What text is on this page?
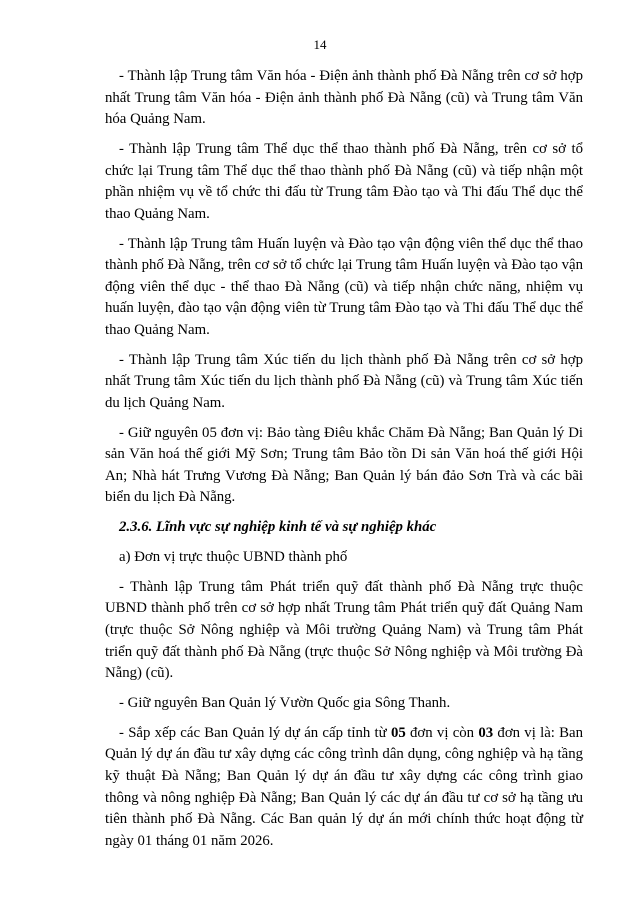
14

- Thành lập Trung tâm Văn hóa - Điện ảnh thành phố Đà Nẵng trên cơ sở hợp nhất Trung tâm Văn hóa - Điện ảnh thành phố Đà Nẵng (cũ) và Trung tâm Văn hóa Quảng Nam.

- Thành lập Trung tâm Thể dục thể thao thành phố Đà Nẵng, trên cơ sở tổ chức lại Trung tâm Thể dục thể thao thành phố Đà Nẵng (cũ) và tiếp nhận một phần nhiệm vụ về tổ chức thi đấu từ Trung tâm Đào tạo và Thi đấu Thể dục thể thao Quảng Nam.

- Thành lập Trung tâm Huấn luyện và Đào tạo vận động viên thể dục thể thao thành phố Đà Nẵng, trên cơ sở tổ chức lại Trung tâm Huấn luyện và Đào tạo vận động viên thể dục - thể thao Đà Nẵng (cũ) và tiếp nhận chức năng, nhiệm vụ huấn luyện, đào tạo vận động viên từ Trung tâm Đào tạo và Thi đấu Thể dục thể thao Quảng Nam.

- Thành lập Trung tâm Xúc tiến du lịch thành phố Đà Nẵng trên cơ sở hợp nhất Trung tâm Xúc tiến du lịch thành phố Đà Nẵng (cũ) và Trung tâm Xúc tiến du lịch Quảng Nam.

- Giữ nguyên 05 đơn vị: Bảo tàng Điêu khắc Chăm Đà Nẵng; Ban Quản lý Di sản Văn hoá thế giới Mỹ Sơn; Trung tâm Bảo tồn Di sản Văn hoá thế giới Hội An; Nhà hát Trưng Vương Đà Nẵng; Ban Quản lý bán đảo Sơn Trà và các bãi biển du lịch Đà Nẵng.

2.3.6. Lĩnh vực sự nghiệp kinh tế và sự nghiệp khác

a) Đơn vị trực thuộc UBND thành phố

- Thành lập Trung tâm Phát triển quỹ đất thành phố Đà Nẵng trực thuộc UBND thành phố trên cơ sở hợp nhất Trung tâm Phát triển quỹ đất Quảng Nam (trực thuộc Sở Nông nghiệp và Môi trường Quảng Nam) và Trung tâm Phát triển quỹ đất thành phố Đà Nẵng (trực thuộc Sở Nông nghiệp và Môi trường Đà Nẵng) (cũ).

- Giữ nguyên Ban Quản lý Vườn Quốc gia Sông Thanh.

- Sắp xếp các Ban Quản lý dự án cấp tỉnh từ 05 đơn vị còn 03 đơn vị là: Ban Quản lý dự án đầu tư xây dựng các công trình dân dụng, công nghiệp và hạ tầng kỹ thuật Đà Nẵng; Ban Quản lý dự án đầu tư xây dựng các công trình giao thông và nông nghiệp Đà Nẵng; Ban Quản lý các dự án đầu tư cơ sở hạ tầng ưu tiên thành phố Đà Nẵng. Các Ban quản lý dự án mới chính thức hoạt động từ ngày 01 tháng 01 năm 2026.
